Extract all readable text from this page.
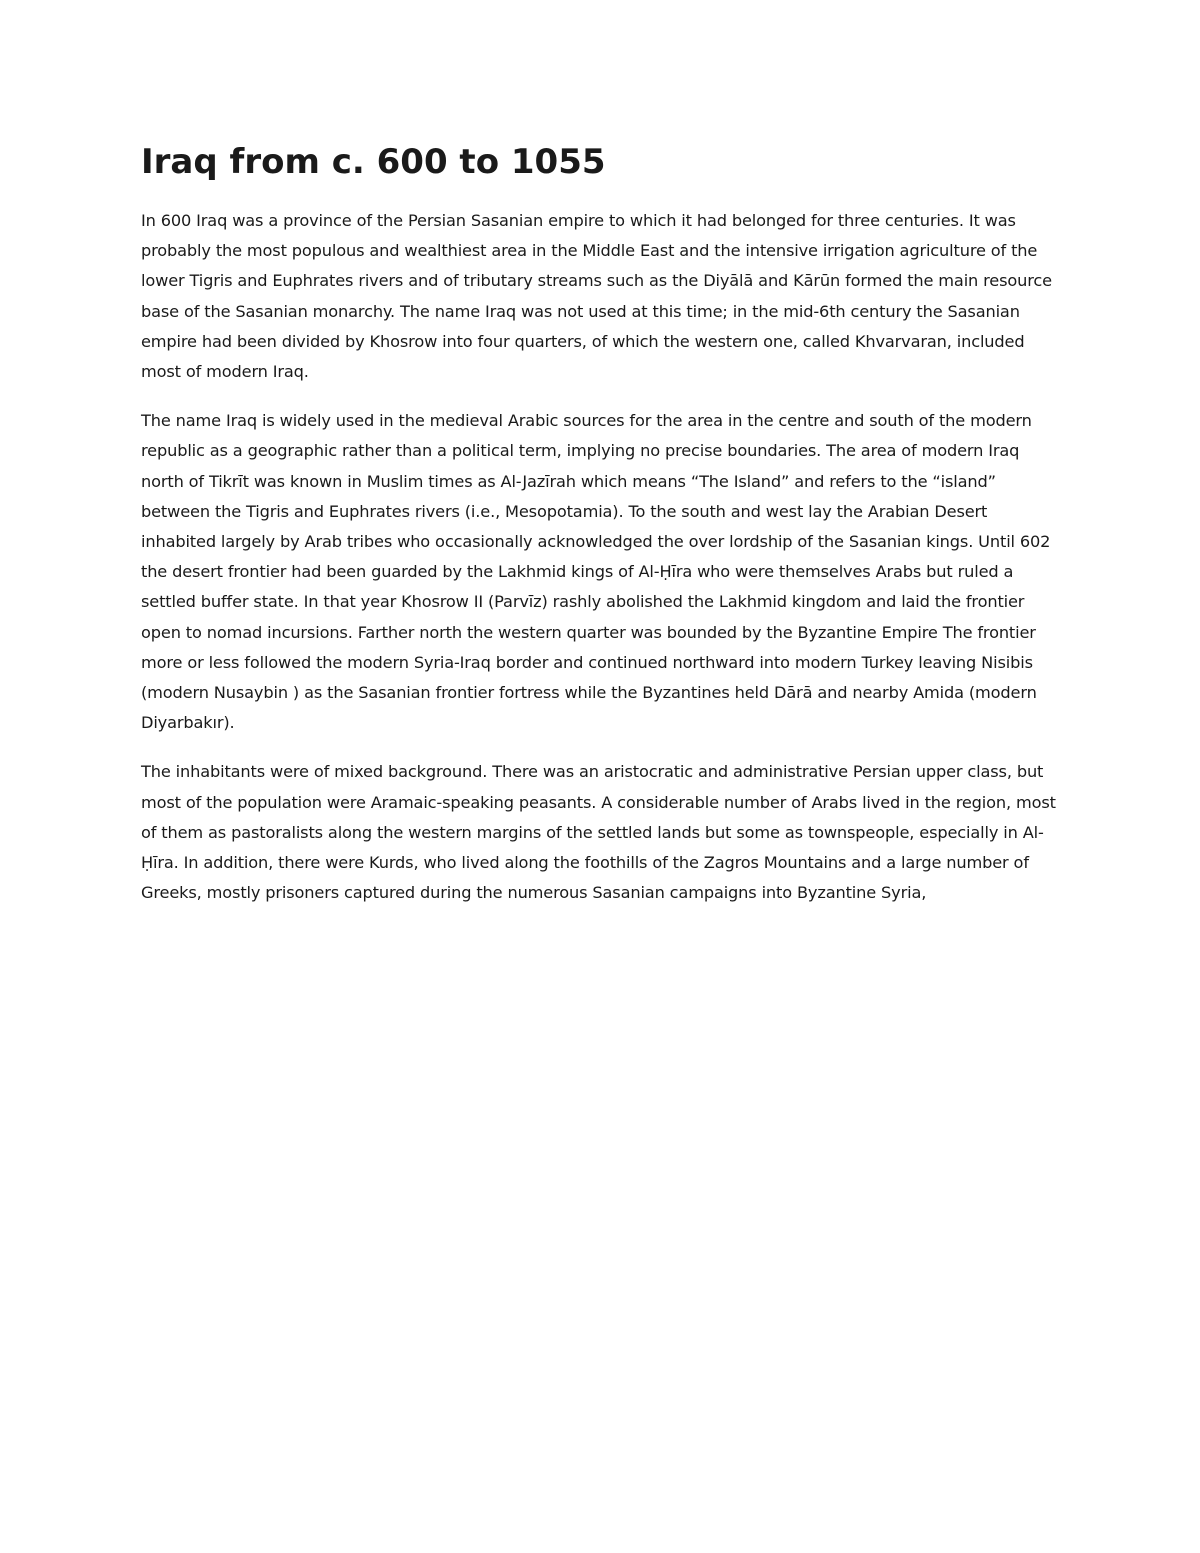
Iraq from c. 600 to 1055

In 600 Iraq was a province of the Persian Sasanian empire to which it had belonged for three centuries. It was probably the most populous and wealthiest area in the Middle East and the intensive irrigation agriculture of the lower Tigris and Euphrates rivers and of tributary streams such as the Diyālā and Kārūn formed the main resource base of the Sasanian monarchy. The name Iraq was not used at this time; in the mid-6th century the Sasanian empire had been divided by Khosrow into four quarters, of which the western one, called Khvarvaran, included most of modern Iraq.

The name Iraq is widely used in the medieval Arabic sources for the area in the centre and south of the modern republic as a geographic rather than a political term, implying no precise boundaries. The area of modern Iraq north of Tikrīt was known in Muslim times as Al-Jazīrah which means “The Island” and refers to the “island” between the Tigris and Euphrates rivers (i.e., Mesopotamia). To the south and west lay the Arabian Desert inhabited largely by Arab tribes who occasionally acknowledged the over lordship of the Sasanian kings. Until 602 the desert frontier had been guarded by the Lakhmid kings of Al-Ḥīra who were themselves Arabs but ruled a settled buffer state. In that year Khosrow II (Parvīz) rashly abolished the Lakhmid kingdom and laid the frontier open to nomad incursions. Farther north the western quarter was bounded by the Byzantine Empire The frontier more or less followed the modern Syria-Iraq border and continued northward into modern Turkey leaving Nisibis (modern Nusaybin ) as the Sasanian frontier fortress while the Byzantines held Dārā and nearby Amida (modern Diyarbakır).

The inhabitants were of mixed background. There was an aristocratic and administrative Persian upper class, but most of the population were Aramaic-speaking peasants. A considerable number of Arabs lived in the region, most of them as pastoralists along the western margins of the settled lands but some as townspeople, especially in Al-Ḥīra. In addition, there were Kurds, who lived along the foothills of the Zagros Mountains and a large number of Greeks, mostly prisoners captured during the numerous Sasanian campaigns into Byzantine Syria,
